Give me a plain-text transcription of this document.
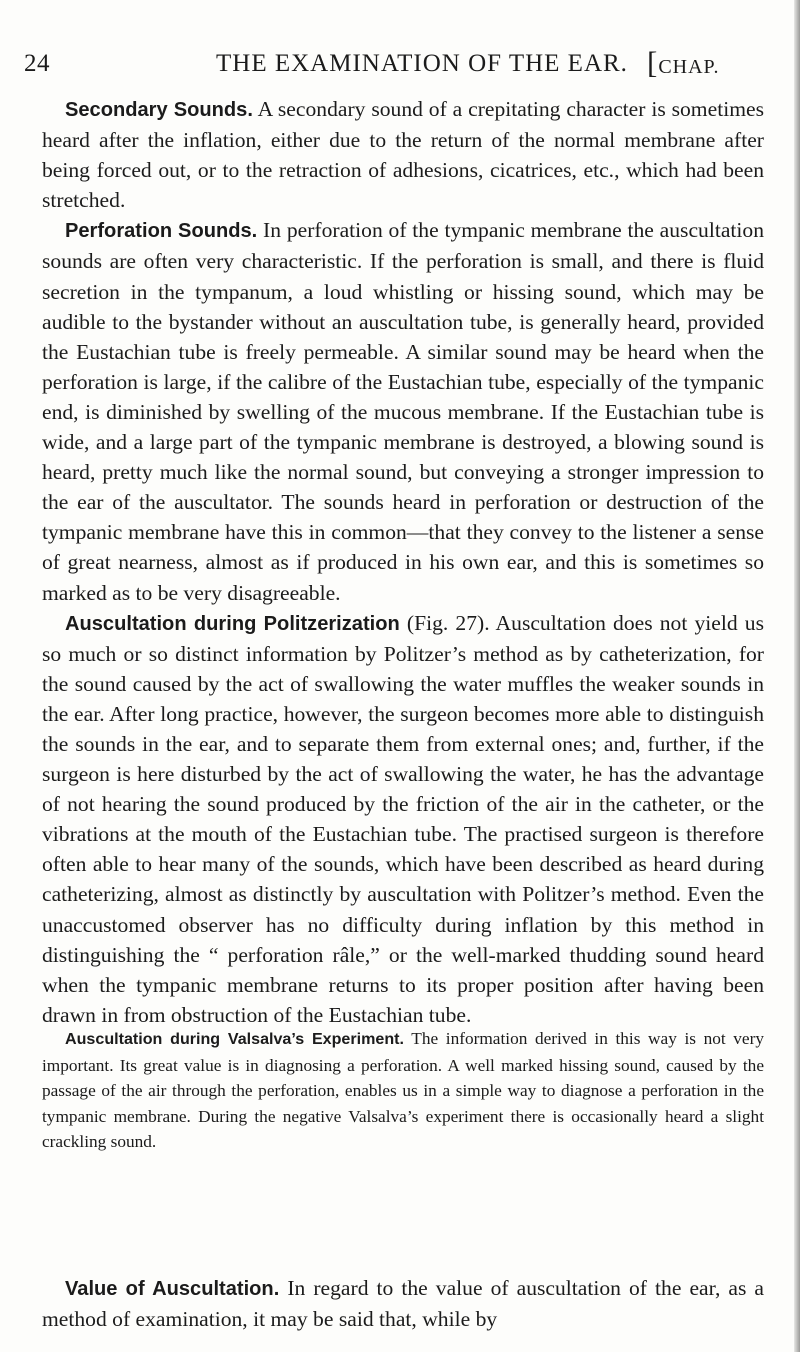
24	THE EXAMINATION OF THE EAR. [CHAP.

Secondary Sounds. A secondary sound of a crepitating character is sometimes heard after the inflation, either due to the return of the normal membrane after being forced out, or to the retraction of adhesions, cicatrices, etc., which had been stretched.

Perforation Sounds. In perforation of the tympanic membrane the auscultation sounds are often very characteristic. If the perforation is small, and there is fluid secretion in the tympanum, a loud whistling or hissing sound, which may be audible to the bystander without an auscultation tube, is generally heard, provided the Eustachian tube is freely permeable. A similar sound may be heard when the perforation is large, if the calibre of the Eustachian tube, especially of the tympanic end, is diminished by swelling of the mucous membrane. If the Eustachian tube is wide, and a large part of the tympanic membrane is destroyed, a blowing sound is heard, pretty much like the normal sound, but conveying a stronger impression to the ear of the auscultator. The sounds heard in perforation or destruction of the tympanic membrane have this in common—that they convey to the listener a sense of great nearness, almost as if produced in his own ear, and this is sometimes so marked as to be very disagreeable.

Auscultation during Politzerization (Fig. 27). Auscultation does not yield us so much or so distinct information by Politzer’s method as by catheterization, for the sound caused by the act of swallowing the water muffles the weaker sounds in the ear. After long practice, however, the surgeon becomes more able to distinguish the sounds in the ear, and to separate them from external ones; and, further, if the surgeon is here disturbed by the act of swallowing the water, he has the advantage of not hearing the sound produced by the friction of the air in the catheter, or the vibrations at the mouth of the Eustachian tube. The practised surgeon is therefore often able to hear many of the sounds, which have been described as heard during catheterizing, almost as distinctly by auscultation with Politzer’s method. Even the unaccustomed observer has no difficulty during inflation by this method in distinguishing the “ perforation râle,” or the well-marked thudding sound heard when the tympanic membrane returns to its proper position after having been drawn in from obstruction of the Eustachian tube.

Auscultation during Valsalva’s Experiment. The information derived in this way is not very important. Its great value is in diagnosing a perforation. A well marked hissing sound, caused by the passage of the air through the perforation, enables us in a simple way to diagnose a perforation in the tympanic membrane. During the negative Valsalva’s experiment there is occasionally heard a slight crackling sound.

Value of Auscultation. In regard to the value of auscultation of the ear, as a method of examination, it may be said that, while by
